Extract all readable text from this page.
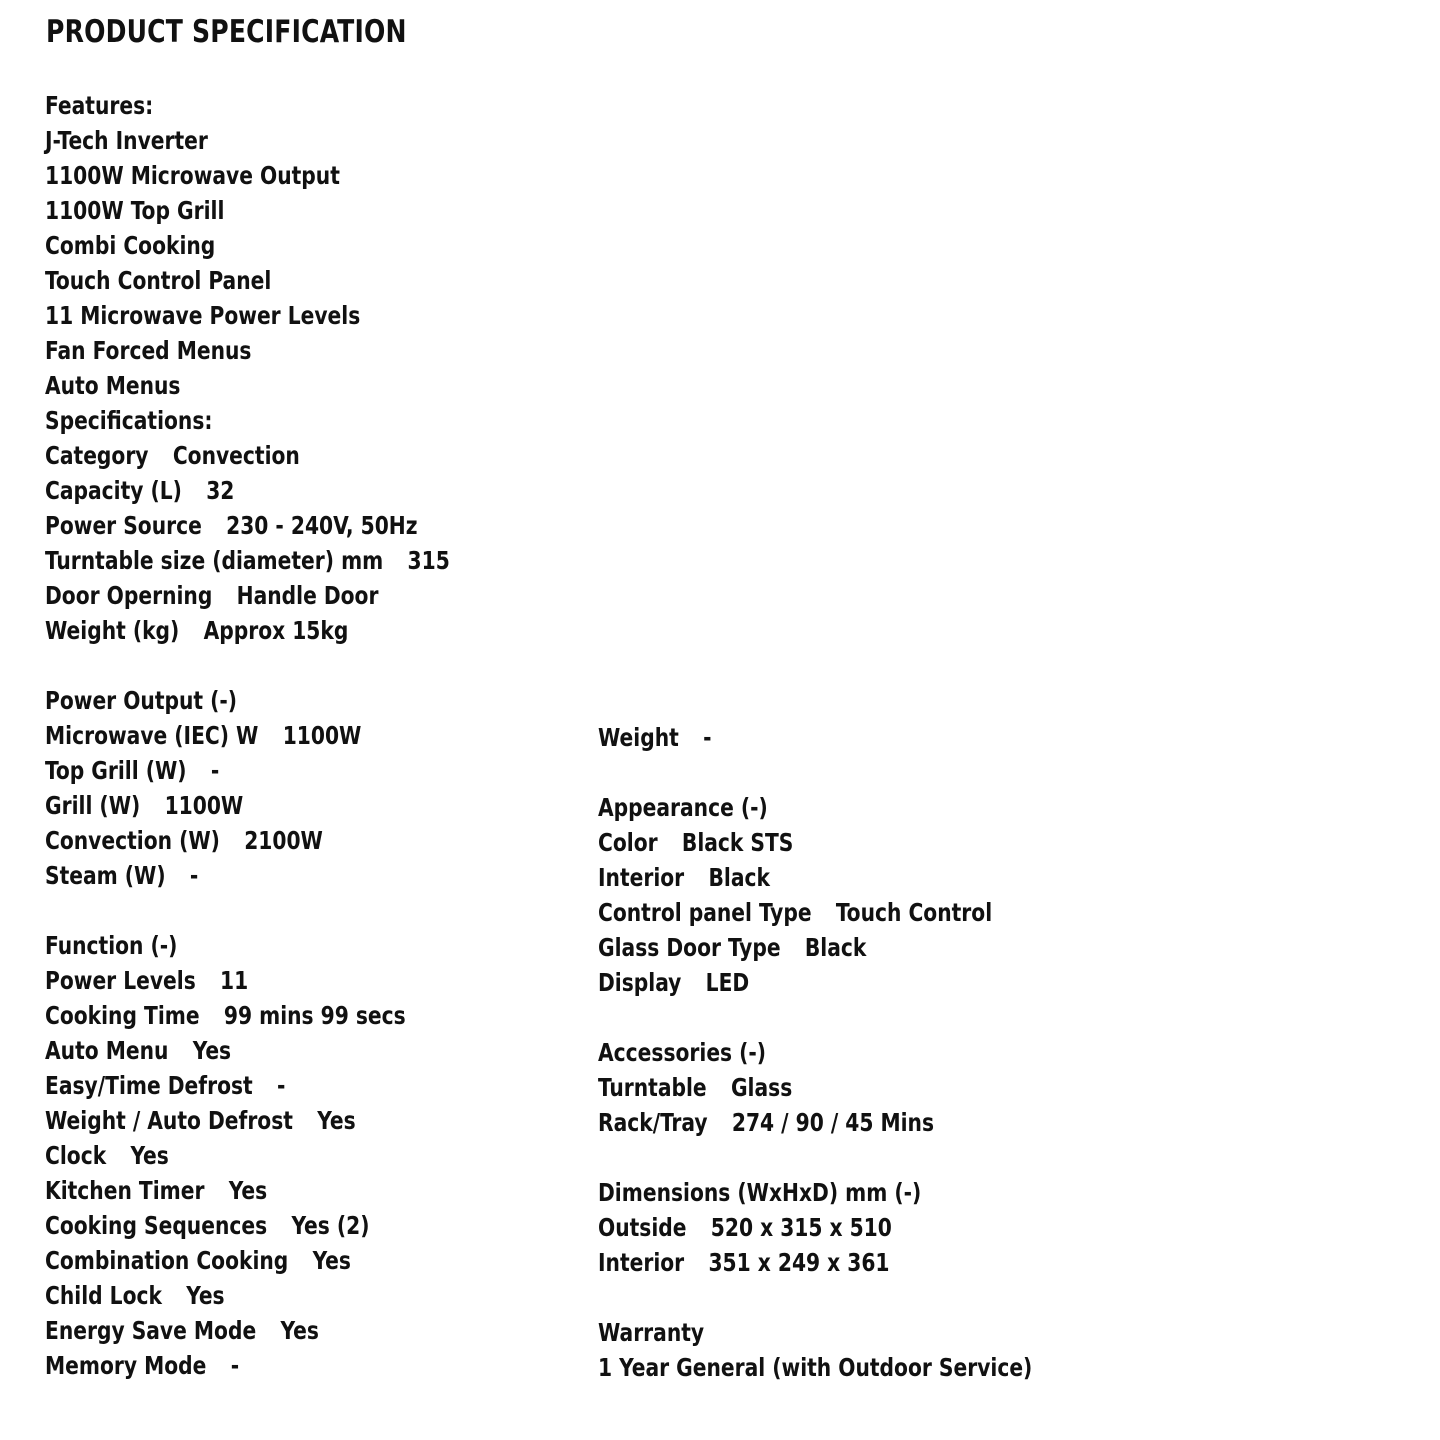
PRODUCT SPECIFICATION
Features:
J-Tech Inverter
1100W Microwave Output
1100W Top Grill
Combi Cooking
Touch Control Panel
11 Microwave Power Levels
Fan Forced Menus
Auto Menus
Specifications:
Category Convection
Capacity (L) 32
Power Source 230 - 240V, 50Hz
Turntable size (diameter) mm 315
Door Operning Handle Door
Weight (kg) Approx 15kg
Power Output (-)
Microwave (IEC) W 1100W
Top Grill (W) -
Grill (W) 1100W
Convection (W) 2100W
Steam (W) -
Function (-)
Power Levels 11
Cooking Time 99 mins 99 secs
Auto Menu Yes
Easy/Time Defrost -
Weight / Auto Defrost Yes
Clock Yes
Kitchen Timer Yes
Cooking Sequences Yes (2)
Combination Cooking Yes
Child Lock Yes
Energy Save Mode Yes
Memory Mode -
Weight -
Appearance (-)
Color Black STS
Interior Black
Control panel Type Touch Control
Glass Door Type Black
Display LED
Accessories (-)
Turntable Glass
Rack/Tray 274 / 90 / 45 Mins
Dimensions (WxHxD) mm (-)
Outside 520 x 315 x 510
Interior 351 x 249 x 361
Warranty
1 Year General (with Outdoor Service)
